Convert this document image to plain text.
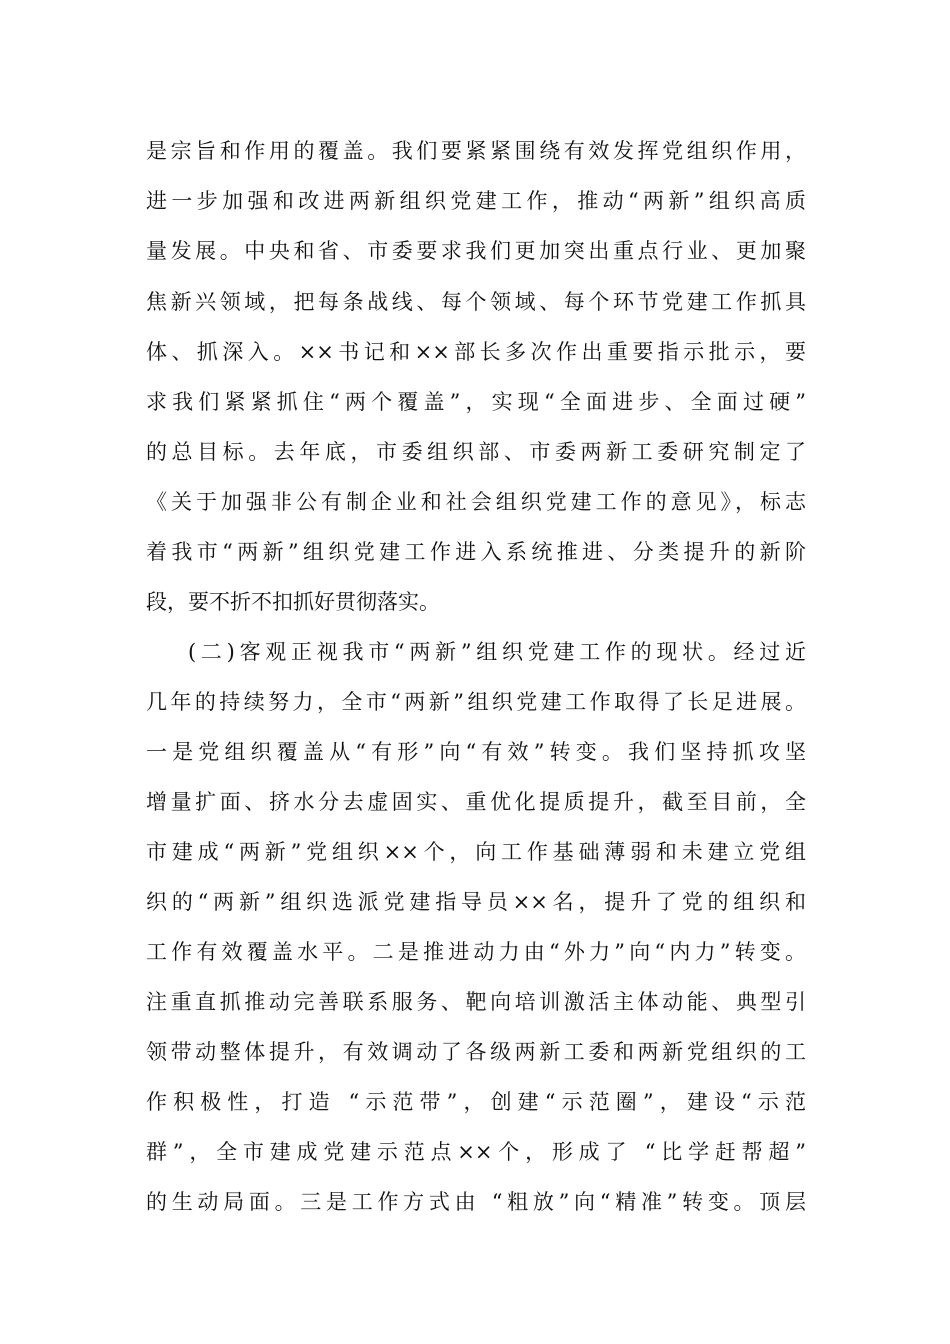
是宗旨和作用的覆盖。我们要紧紧围绕有效发挥党组织作用，
进一步加强和改进两新组织党建工作，推动“两新”组织高质
量发展。中央和省、市委要求我们更加突出重点行业、更加聚
焦新兴领域，把每条战线、每个领域、每个环节党建工作抓具
体、抓深入。××书记和××部长多次作出重要指示批示，要
求我们紧紧抓住“两个覆盖”，实现“全面进步、全面过硬”
的总目标。去年底，市委组织部、市委两新工委研究制定了
《关于加强非公有制企业和社会组织党建工作的意见》，标志
着我市“两新”组织党建工作进入系统推进、分类提升的新阶
段，要不折不扣抓好贯彻落实。
(二)客观正视我市“两新”组织党建工作的现状。经过近
几年的持续努力，全市“两新”组织党建工作取得了长足进展。
一是党组织覆盖从“有形”向“有效”转变。我们坚持抓攻坚
增量扩面、挤水分去虚固实、重优化提质提升，截至目前，全
市建成“两新”党组织××个，向工作基础薄弱和未建立党组
织的“两新”组织选派党建指导员××名，提升了党的组织和
工作有效覆盖水平。二是推进动力由“外力”向“内力”转变。
注重直抓推动完善联系服务、靶向培训激活主体动能、典型引
领带动整体提升，有效调动了各级两新工委和两新党组织的工
作积极性，打造 “示范带”，创建“示范圈”，建设“示范
群”，全市建成党建示范点××个，形成了 “比学赶帮超”
的生动局面。三是工作方式由 “粗放”向“精准”转变。顶层
